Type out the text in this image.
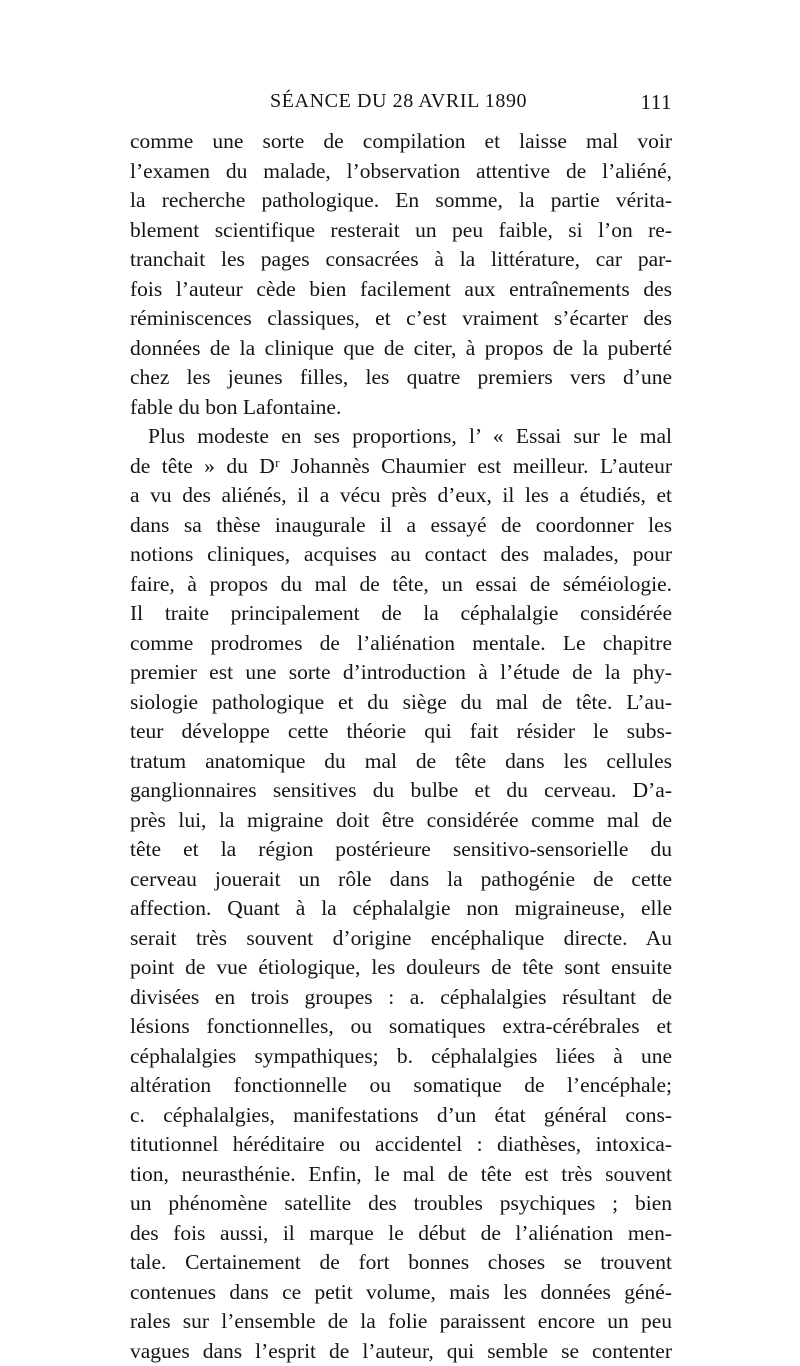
SÉANCE DU 28 AVRIL 1890	111
comme une sorte de compilation et laisse mal voir
l’examen du malade, l’observation attentive de l’aliéné,
la recherche pathologique. En somme, la partie vérita-
blement scientifique resterait un peu faible, si l’on re-
tranchait les pages consacrées à la littérature, car par-
fois l’auteur cède bien facilement aux entraînements des
réminiscences classiques, et c’est vraiment s’écarter des
données de la clinique que de citer, à propos de la puberté
chez les jeunes filles, les quatre premiers vers d’une
fable du bon Lafontaine.
Plus modeste en ses proportions, l’ « Essai sur le mal
de tête » du Dʳ Johannès Chaumier est meilleur. L’auteur
a vu des aliénés, il a vécu près d’eux, il les a étudiés, et
dans sa thèse inaugurale il a essayé de coordonner les
notions cliniques, acquises au contact des malades, pour
faire, à propos du mal de tête, un essai de séméiologie.
Il traite principalement de la céphalalgie considérée
comme prodromes de l’aliénation mentale. Le chapitre
premier est une sorte d’introduction à l’étude de la phy-
siologie pathologique et du siège du mal de tête. L’au-
teur développe cette théorie qui fait résider le subs-
tratum anatomique du mal de tête dans les cellules
ganglionnaires sensitives du bulbe et du cerveau. D’a-
près lui, la migraine doit être considérée comme mal de
tête et la région postérieure sensitivo-sensorielle du
cerveau jouerait un rôle dans la pathogénie de cette
affection. Quant à la céphalalgie non migraineuse, elle
serait très souvent d’origine encéphalique directe. Au
point de vue étiologique, les douleurs de tête sont ensuite
divisées en trois groupes : a. céphalalgies résultant de
lésions fonctionnelles, ou somatiques extra-cérébrales et
céphalalgies sympathiques; b. céphalalgies liées à une
altération fonctionnelle ou somatique de l’encéphale;
c. céphalalgies, manifestations d’un état général cons-
titutionnel héréditaire ou accidentel : diathèses, intoxica-
tion, neurasthénie. Enfin, le mal de tête est très souvent
un phénomène satellite des troubles psychiques ; bien
des fois aussi, il marque le début de l’aliénation men-
tale. Certainement de fort bonnes choses se trouvent
contenues dans ce petit volume, mais les données géné-
rales sur l’ensemble de la folie paraissent encore un peu
vagues dans l’esprit de l’auteur, qui semble se contenter
